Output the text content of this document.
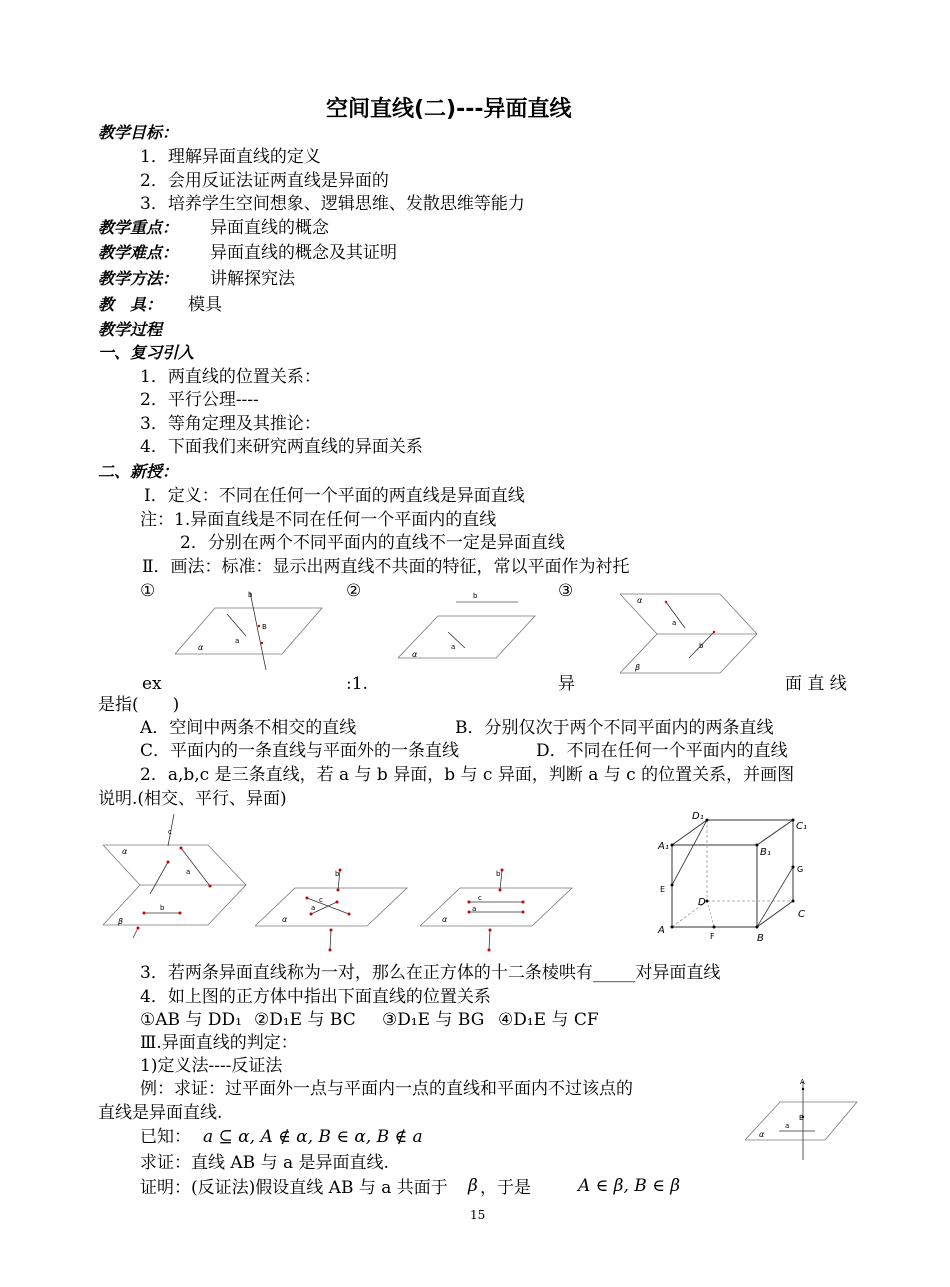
空间直线(二)---异面直线
教学目标：
1．理解异面直线的定义
2．会用反证法证两直线是异面的
3．培养学生空间想象、逻辑思维、发散思维等能力
教学重点： 异面直线的概念
教学难点： 异面直线的概念及其证明
教学方法： 讲解探究法
教　具： 模具
教学过程
一、复习引入
1．两直线的位置关系：
2．平行公理----
3．等角定理及其推论：
4．下面我们来研究两直线的异面关系
二、新授：
Ⅰ．定义：不同在任何一个平面的两直线是异面直线
注：1.异面直线是不同在任何一个平面内的直线
2．分别在两个不同平面内的直线不一定是异面直线
Ⅱ．画法：标准：显示出两直线不共面的特征，常以平面作为衬托
①	②	③
b
B
a
α
b
a
α
α
a
b
β
ex	:1.	异	面 直 线
是指(　　)
A．空间中两条不相交的直线	B．分别仅次于两个不同平面内的两条直线
C．平面内的一条直线与平面外的一条直线	D．不同在任何一个平面内的直线
2．a,b,c 是三条直线，若 a 与 b 异面，b 与 c 异面，判断 a 与 c 的位置关系，并画图
说明.(相交、平行、异面)
c
α
a
b
β
b
c
a
α
b
c
a
α
D₁
C₁
A₁
B₁
E
G
D
C
A
F	B
3．若两条异面直线称为一对，那么在正方体的十二条棱哄有_____对异面直线
4．如上图的正方体中指出下面直线的位置关系
①AB 与 DD₁ ②D₁E 与 BC ③D₁E 与 BG ④D₁E 与 CF
Ⅲ.异面直线的判定：
1)定义法----反证法
例：求证：过平面外一点与平面内一点的直线和平面内不过该点的
直线是异面直线.
已知： a ⊆ α, A ∉ α, B ∈ α, B ∉ a
求证：直线 AB 与 a 是异面直线.
证明：(反证法)假设直线 AB 与 a 共面于 β ，于是	A ∈ β, B ∈ β
A
B
a
α
15
